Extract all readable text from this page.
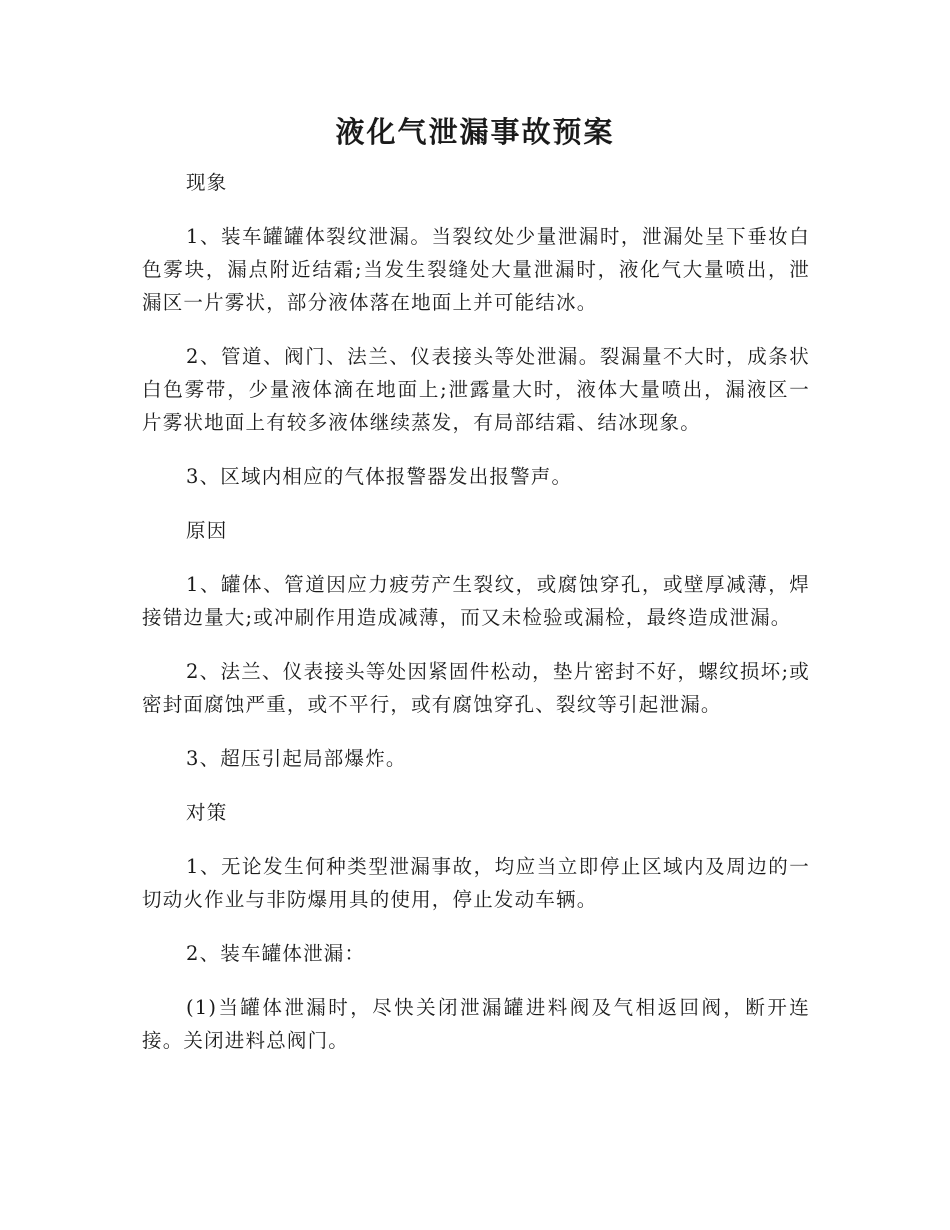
液化气泄漏事故预案

现象

1、装车罐罐体裂纹泄漏。当裂纹处少量泄漏时，泄漏处呈下垂妆白色雾块，漏点附近结霜;当发生裂缝处大量泄漏时，液化气大量喷出，泄漏区一片雾状，部分液体落在地面上并可能结冰。

2、管道、阀门、法兰、仪表接头等处泄漏。裂漏量不大时，成条状白色雾带，少量液体滴在地面上;泄露量大时，液体大量喷出，漏液区一片雾状地面上有较多液体继续蒸发，有局部结霜、结冰现象。

3、区域内相应的气体报警器发出报警声。

原因

1、罐体、管道因应力疲劳产生裂纹，或腐蚀穿孔，或壁厚减薄，焊接错边量大;或冲刷作用造成减薄，而又未检验或漏检，最终造成泄漏。

2、法兰、仪表接头等处因紧固件松动，垫片密封不好，螺纹损坏;或密封面腐蚀严重，或不平行，或有腐蚀穿孔、裂纹等引起泄漏。

3、超压引起局部爆炸。

对策

1、无论发生何种类型泄漏事故，均应当立即停止区域内及周边的一切动火作业与非防爆用具的使用，停止发动车辆。

2、装车罐体泄漏：

(1)当罐体泄漏时，尽快关闭泄漏罐进料阀及气相返回阀，断开连接。关闭进料总阀门。
